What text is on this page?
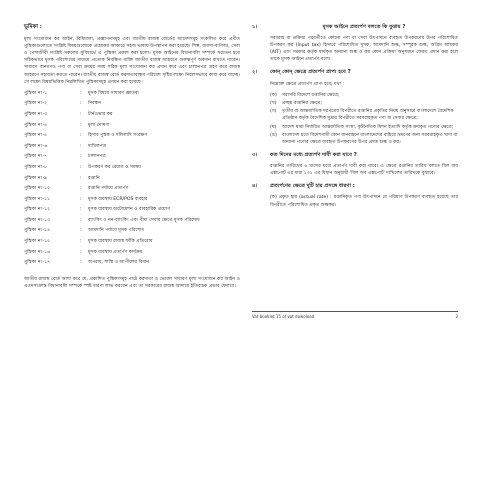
ভূমিকা :

মূল্য সংযোজন কর আইন, বিধিমালা, প্রজ্ঞাপনসমূহ এবং জাতীয় রাজস্ব বোর্ডের আদেশসমূহ সংকলিত করে প্রণীত পুস্তিকাগুলোতে সংশ্লিষ্ট বিষয়গুলোকে প্রশ্নোত্তর আকারে সহজ ভাষায় উপস্থাপন করা হয়েছে। শিল্প, ব্যবসা-বাণিজ্য, সেবা ও পেশাজীবী সংশ্লিষ্ট সকলের সুবিধার্থে এ পুস্তিকা প্রকাশ করা হলো। মূসক আইনের বিধানাবলি সম্পর্কে সচেতন হয়ে সঠিকভাবে মূসক পরিশোধের মাধ্যমে প্রত্যেক নিবন্ধিত ব্যক্তি জাতীয় রাজস্ব আহরণে গুরুত্বপূর্ণ অবদান রাখতে পারেন। সাধারণ জনগণও পণ্য বা সেবা ক্রয়ের সময় সঠিক মূল্য সংযোজন কর প্রদান করে এবং চালানপত্র গ্রহণ করে রাজস্ব আহরণে সহায়তা করতে পারেন। জাতীয় রাজস্ব বোর্ড করদাতাবান্ধব পরিবেশ সৃষ্টির লক্ষ্যে নিরলসভাবে কাজ করে যাচ্ছে। সে লক্ষ্যে বিষয়ভিত্তিক নিম্নলিখিত পুস্তিকাসমূহ প্রণয়ন করা হয়েছে :

পুস্তিকা নং-১	:	মূসক বিষয়ে সাধারণ জ্ঞাতব্য
পুস্তিকা নং-২	:	নিবন্ধন
পুস্তিকা নং-৩	:	টার্নওভার কর
পুস্তিকা নং-৪	:	মূল্য ঘোষণা
পুস্তিকা নং-৫	:	হিসাব পুস্তক ও দলিলাদি সংরক্ষণ
পুস্তিকা নং-৬	:	দাখিলপত্র
পুস্তিকা নং-৭	:	চালানপত্র
পুস্তিকা নং-৮	:	উপকরণ কর রেয়াত ও সমন্বয়
পুস্তিকা নং-৯	:	রপ্তানি
পুস্তিকা নং-১০	:	রপ্তানি পর্যায়ে প্রত্যর্পণ
পুস্তিকা নং-১১	:	মূসক ব্যবস্থায় ECR/POS ব্যবহার
পুস্তিকা নং-১২	:	মূসক ব্যবস্থায় অটোমেশন ও ব্যবহারিক প্রয়োগ
পুস্তিকা নং-১৩	:	ব্যাংকিং ও নন-ব্যাংকিং এবং বীমা সেবার ক্ষেত্রে মূসক পরিশোধ
পুস্তিকা নং-১৪	:	আমদানি পর্যায়ে মূসক পরিশোধ
পুস্তিকা নং-১৫	:	মূসক ব্যবস্থায় রাজস্ব ফাঁকি প্রতিরোধ
পুস্তিকা নং-১৬	:	মূসক ব্যবস্থায় প্রত্যর্পণ কার্যক্রম
পুস্তিকা নং-১৭	:	অপরাধ, শাস্তি ও আপীলের বিধান

জাতীয় রাজস্ব বোর্ড আশা করে যে, প্রকাশিত পুস্তিকাসমূহ পাঠে করদাতা ও ভোক্তা সাধারণ মূল্য সংযোজন কর আইন ও এতদসংক্রান্ত বিধানাবলি সম্পর্কে স্পষ্ট ধারণা লাভ করবেন এবং তা সরকারের রাজস্ব আদায়ে ইতিবাচক প্রভাব ফেলবে।

১।	মূসক আইনে প্রত্যর্পণ বলতে কি বুঝায় ?

সরবরাহ বা প্রক্রিয়া পরবর্তীতে কোনো পণ্য বা সেবা উৎপাদনে ব্যবহৃত উপকরণের উপর পরিশোধিত উপকরণ কর (Input tax) হিসাবে পরিশোধিত মূসক, আমদানি শুল্ক, সম্পূরক শুল্ক, অগ্রিম আয়কর (AIT) এবং সরকার কর্তৃক ধার্যকৃত অন্যান্য শুল্ক ও কর কোন প্রক্রিয়া অনুসরণে ফেরত প্রদান করা হলে তাকে মূসক আইনে প্রত্যর্পণ বলে।

২।	কোন্‌ কোন্‌ ক্ষেত্রে প্রত্যর্পণ প্রাপ্য হবে ?

নিম্নোক্ত ক্ষেত্রে প্রত্যর্পণ প্রাপ্য হবে; যথা :

(ক)	সরাসরি বিদেশে রপ্তানির ক্ষেত্রে;
(খ)	প্রচ্ছন্ন রপ্তানির ক্ষেত্রে;
(গ)	তৃতীয় বা আন্তর্জাতিক দরপত্রের বিপরীতে রপ্তানির প্রকৃতির নিয়ম অনুসারে বাংলাদেশে বৈদেশিক প্রতিষ্ঠান কর্তৃক বৈদেশিক মুদ্রায় বিপরীতে সরবরাহকৃত পণ্য বা সেবার ক্ষেত্রে;
(ঘ)	আদেশ দ্বারা নির্ধারিত আন্তর্জাতিক সংস্থা, কূটনৈতিক মিশন ইত্যাদি কর্তৃক ক্রয়কৃত পণ্যের ক্ষেত্রে;
(ঙ)	বাংলাদেশ হতে বিদেশগামী কোন যানবাহনে বাংলাদেশের বাহিরে ভ্রমণের জন্য সরবরাহকৃত খাদ্য বা অন্যান্য পণ্যের ক্ষেত্রে ব্যবহৃত উপকরণের উপর প্রদত্ত শুল্ক ও কর।
৩।	কত দিনের মধ্যে প্রত্যর্পণ দাবী করা যাবে ?

রপ্তানির তারিখের ৬ মাসের মধ্যে প্রত্যর্পণ দাবী করা যাবে। এ ক্ষেত্রে রপ্তানির তারিখ বলতে বিল অব এক্সপোর্ট এর ধারা ১৩১ এর বিধান অনুযায়ী 'বিল অব এক্সপোর্ট' দাখিলের তারিখকে বুঝাবে।

৪।	প্রত্যর্পণের ক্ষেত্রে দুটি হার প্রসঙ্গে ধারণা :

(ক) প্রকৃত হার (actual rate) : রপ্তানিকৃত পণ্য উৎপাদনে যে পরিমাণ উপকরণ ব্যবহৃত হয়েছে তার বিপরীতে পরিশোধিত প্রকৃত শুল্ককর।

Vat booklet 15 of vat dowoload	2
